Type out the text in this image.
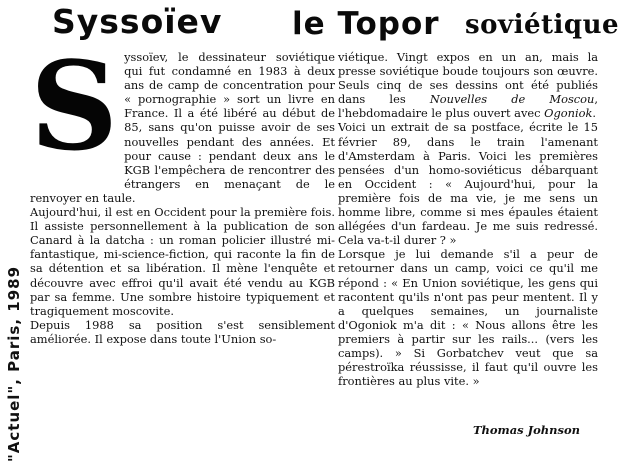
Syssoïev le Topor soviétique
"Actuel", Paris, 1989
S yssoïev, le dessinateur soviétique qui fut condamné en 1983 à deux ans de camp de concentration pour « pornographie » sort un livre en France. Il a été libéré au début de 85, sans qu'on puisse avoir de ses nouvelles pendant des années. Et pour cause : pendant deux ans le KGB l'empêchera de rencontrer des étrangers en menaçant de le renvoyer en taule.

Aujourd'hui, il est en Occident pour la première fois. Il assiste personnellement à la publication de son Canard à la datcha : un roman policier illustré mi-fantastique, mi-science-fiction, qui raconte la fin de sa détention et sa libération. Il mène l'enquête et découvre avec effroi qu'il avait été vendu au KGB par sa femme. Une sombre histoire typiquement et tragiquement moscovite.

Depuis 1988 sa position s'est sensiblement améliorée. Il expose dans toute l'Union so-

viétique. Vingt expos en un an, mais la presse soviétique boude toujours son œuvre. Seuls cinq de ses dessins ont été publiés dans les Nouvelles de Moscou, l'hebdomadaire le plus ouvert avec Ogoniok.

Voici un extrait de sa postface, écrite le 15 février 89, dans le train l'amenant d'Amsterdam à Paris. Voici les premières pensées d'un homo-soviéticus débarquant en Occident : « Aujourd'hui, pour la première fois de ma vie, je me sens un homme libre, comme si mes épaules étaient allégées d'un fardeau. Je me suis redressé. Cela va-t-il durer ? »

Lorsque je lui demande s'il a peur de retourner dans un camp, voici ce qu'il me répond : « En Union soviétique, les gens qui racontent qu'ils n'ont pas peur mentent. Il y a quelques semaines, un journaliste d'Ogoniok m'a dit : « Nous allons être les premiers à partir sur les rails... (vers les camps). » Si Gorbatchev veut que sa pérestroïka réussisse, il faut qu'il ouvre les frontières au plus vite. »

Thomas Johnson
